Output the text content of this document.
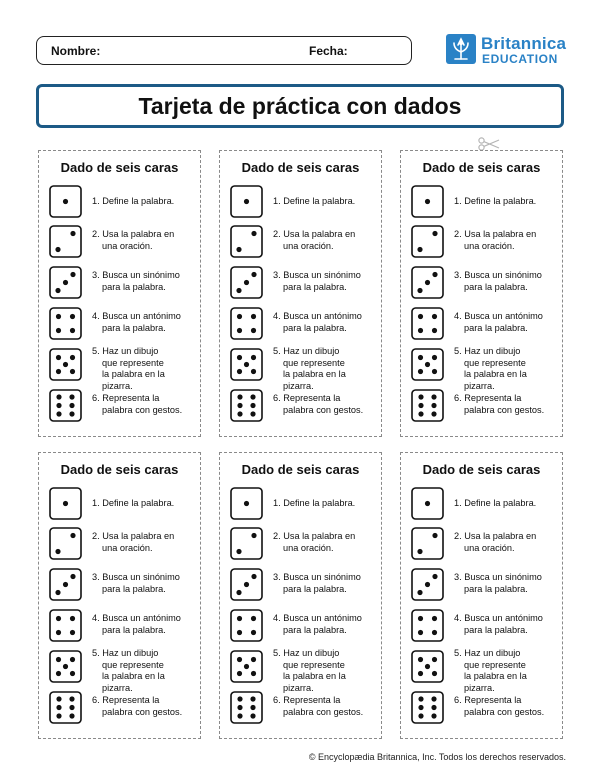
Nombre:	Fecha:	Britannica
EDUCATION
Tarjeta de práctica con dados
Dado de seis caras
1. Define la palabra.
2. Usa la palabra en
una oración.
3. Busca un sinónimo
para la palabra.
4. Busca un antónimo
para la palabra.
5. Haz un dibujo
que represente
la palabra en la
pizarra.
6. Representa la
palabra con gestos.
Dado de seis caras
1. Define la palabra.
2. Usa la palabra en
una oración.
3. Busca un sinónimo
para la palabra.
4. Busca un antónimo
para la palabra.
5. Haz un dibujo
que represente
la palabra en la
pizarra.
6. Representa la
palabra con gestos.
Dado de seis caras
1. Define la palabra.
2. Usa la palabra en
una oración.
3. Busca un sinónimo
para la palabra.
4. Busca un antónimo
para la palabra.
5. Haz un dibujo
que represente
la palabra en la
pizarra.
6. Representa la
palabra con gestos.
Dado de seis caras
1. Define la palabra.
2. Usa la palabra en
una oración.
3. Busca un sinónimo
para la palabra.
4. Busca un antónimo
para la palabra.
5. Haz un dibujo
que represente
la palabra en la
pizarra.
6. Representa la
palabra con gestos.
Dado de seis caras
1. Define la palabra.
2. Usa la palabra en
una oración.
3. Busca un sinónimo
para la palabra.
4. Busca un antónimo
para la palabra.
5. Haz un dibujo
que represente
la palabra en la
pizarra.
6. Representa la
palabra con gestos.
Dado de seis caras
1. Define la palabra.
2. Usa la palabra en
una oración.
3. Busca un sinónimo
para la palabra.
4. Busca un antónimo
para la palabra.
5. Haz un dibujo
que represente
la palabra en la
pizarra.
6. Representa la
palabra con gestos.
© Encyclopædia Britannica, Inc. Todos los derechos reservados.
